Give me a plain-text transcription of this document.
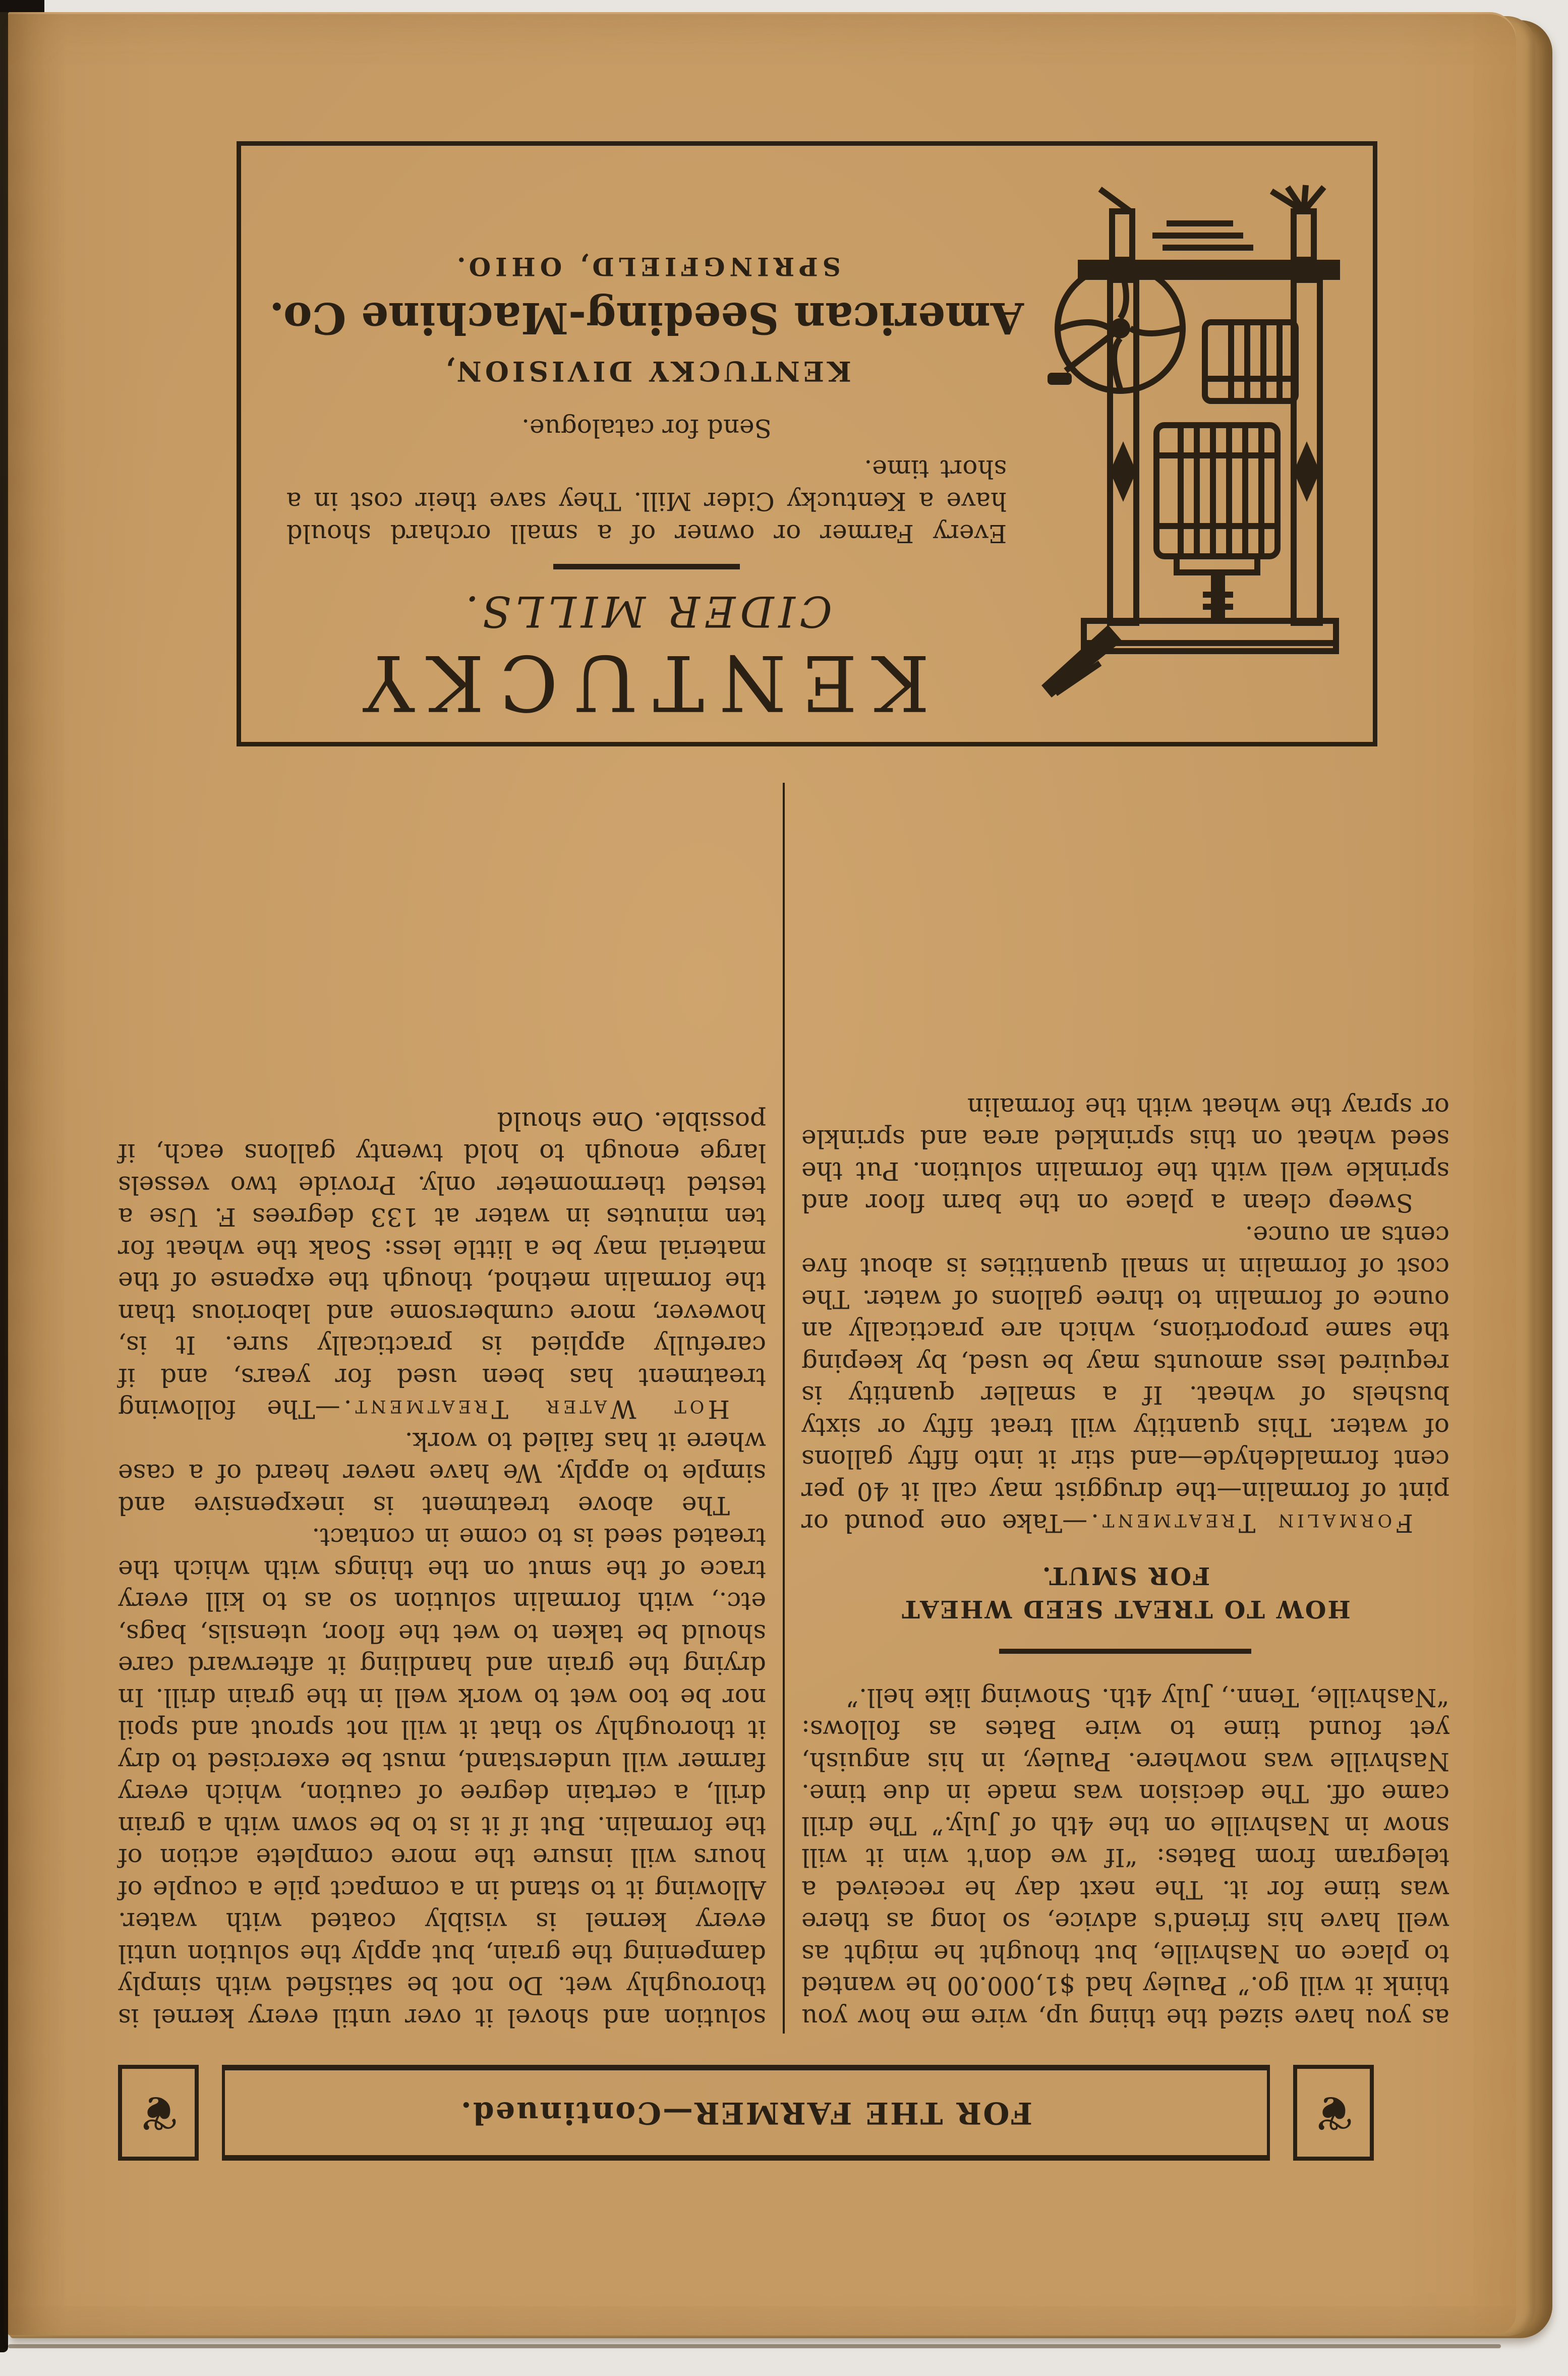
❦
FOR THE FARMER—Continued.
❦

as you have sized the thing up, wire me how you think it will go.” Pauley had $1,000.00 he wanted to place on Nashville, but thought he might as well have his friend's advice, so long as there was time for it. The next day he received a telegram from Bates: “If we don't win it will snow in Nashville on the 4th of July.” The drill came off. The decision was made in due time. Nashville was nowhere. Pauley, in his anguish, yet found time to wire Bates as follows: “Nashville, Tenn., July 4th. Snowing like hell.”

HOW TO TREAT SEED WHEAT
FOR SMUT.

Formalin Treatment.—Take one pound or pint of formalin—the druggist may call it 40 per cent formaldehyde—and stir it into fifty gallons of water. This quantity will treat fifty or sixty bushels of wheat. If a smaller quantity is required less amounts may be used, by keeping the same proportions, which are practically an ounce of formalin to three gallons of water. The cost of formalin in small quantities is about five cents an ounce.

Sweep clean a place on the barn floor and sprinkle well with the formalin solution. Put the seed wheat on this sprinkled area and sprinkle or spray the wheat with the formalin

solution and shovel it over until every kernel is thoroughly wet. Do not be satisfied with simply dampening the grain, but apply the solution until every kernel is visibly coated with water. Allowing it to stand in a compact pile a couple of hours will insure the more complete action of the formalin. But if it is to be sown with a grain drill, a certain degree of caution, which every farmer will understand, must be exercised to dry it thoroughly so that it will not sprout and spoil nor be too wet to work well in the grain drill. In drying the grain and handling it afterward care should be taken to wet the floor, utensils, bags, etc., with formalin solution so as to kill every trace of the smut on the things with which the treated seed is to come in contact.

The above treatment is inexpensive and simple to apply. We have never heard of a case where it has failed to work.

Hot Water Treatment.—The following treatment has been used for years, and if carefully applied is practically sure. It is, however, more cumbersome and laborious than the formalin method, though the expense of the material may be a little less: Soak the wheat for ten minutes in water at 133 degrees F. Use a tested thermometer only. Provide two vessels large enough to hold twenty gallons each, if possible. One should

KENTUCKY
CIDER MILLS.

Every Farmer or owner of a small orchard should have a Kentucky Cider Mill. They save their cost in a short time.

Send for catalogue.

KENTUCKY DIVISION,
American Seeding-Machine Co.
SPRINGFIELD, OHIO.
